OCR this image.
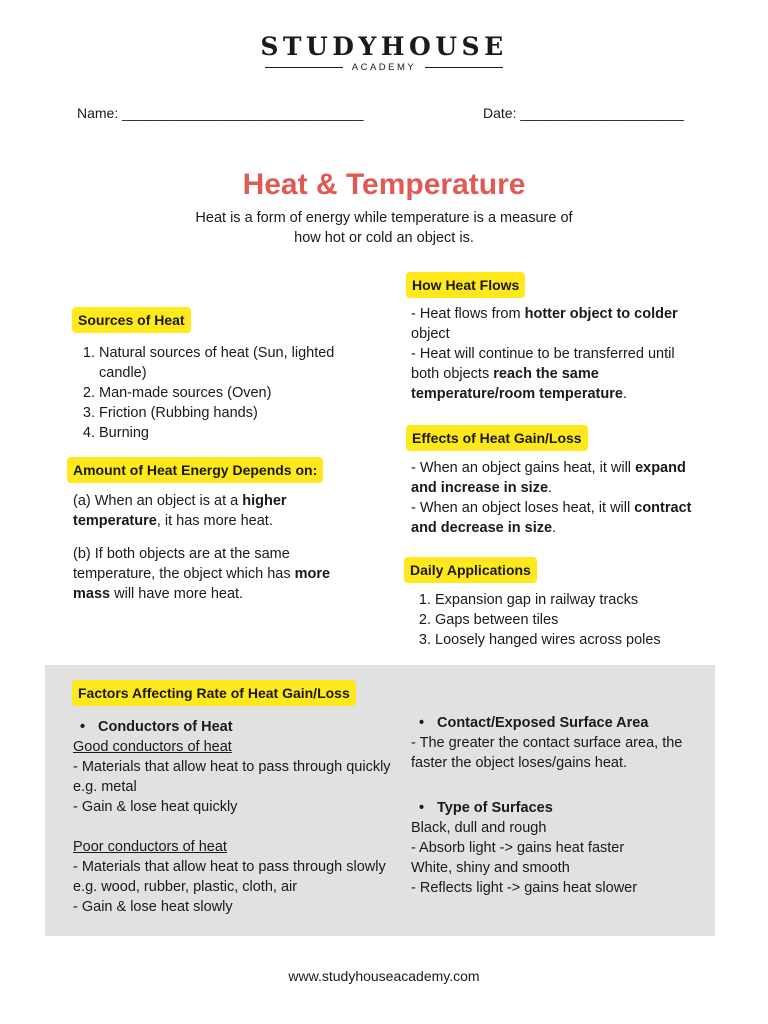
STUDYHOUSE
ACADEMY
Name: _______________________________	Date: _____________________
Heat & Temperature
Heat is a form of energy while temperature is a measure of how hot or cold an object is.
Sources of Heat
1. Natural sources of heat (Sun, lighted candle)
2. Man-made sources (Oven)
3. Friction (Rubbing hands)
4. Burning
Amount of Heat Energy Depends on:

(a) When an object is at a higher temperature, it has more heat.

(b) If both objects are at the same temperature, the object which has more mass will have more heat.

How Heat Flows

- Heat flows from hotter object to colder object

- Heat will continue to be transferred until both objects reach the same temperature/room temperature.

Effects of Heat Gain/Loss

- When an object gains heat, it will expand and increase in size.

- When an object loses heat, it will contract and decrease in size.

Daily Applications
1. Expansion gap in railway tracks
2. Gaps between tiles
3. Loosely hanged wires across poles
Factors Affecting Rate of Heat Gain/Loss
• Conductors of Heat
Good conductors of heat
- Materials that allow heat to pass through quickly e.g. metal
- Gain & lose heat quickly
Poor conductors of heat
- Materials that allow heat to pass through slowly e.g. wood, rubber, plastic, cloth, air
- Gain & lose heat slowly
• Contact/Exposed Surface Area
- The greater the contact surface area, the faster the object loses/gains heat.
• Type of Surfaces
Black, dull and rough
- Absorb light -> gains heat faster
White, shiny and smooth
- Reflects light -> gains heat slower
www.studyhouseacademy.com
